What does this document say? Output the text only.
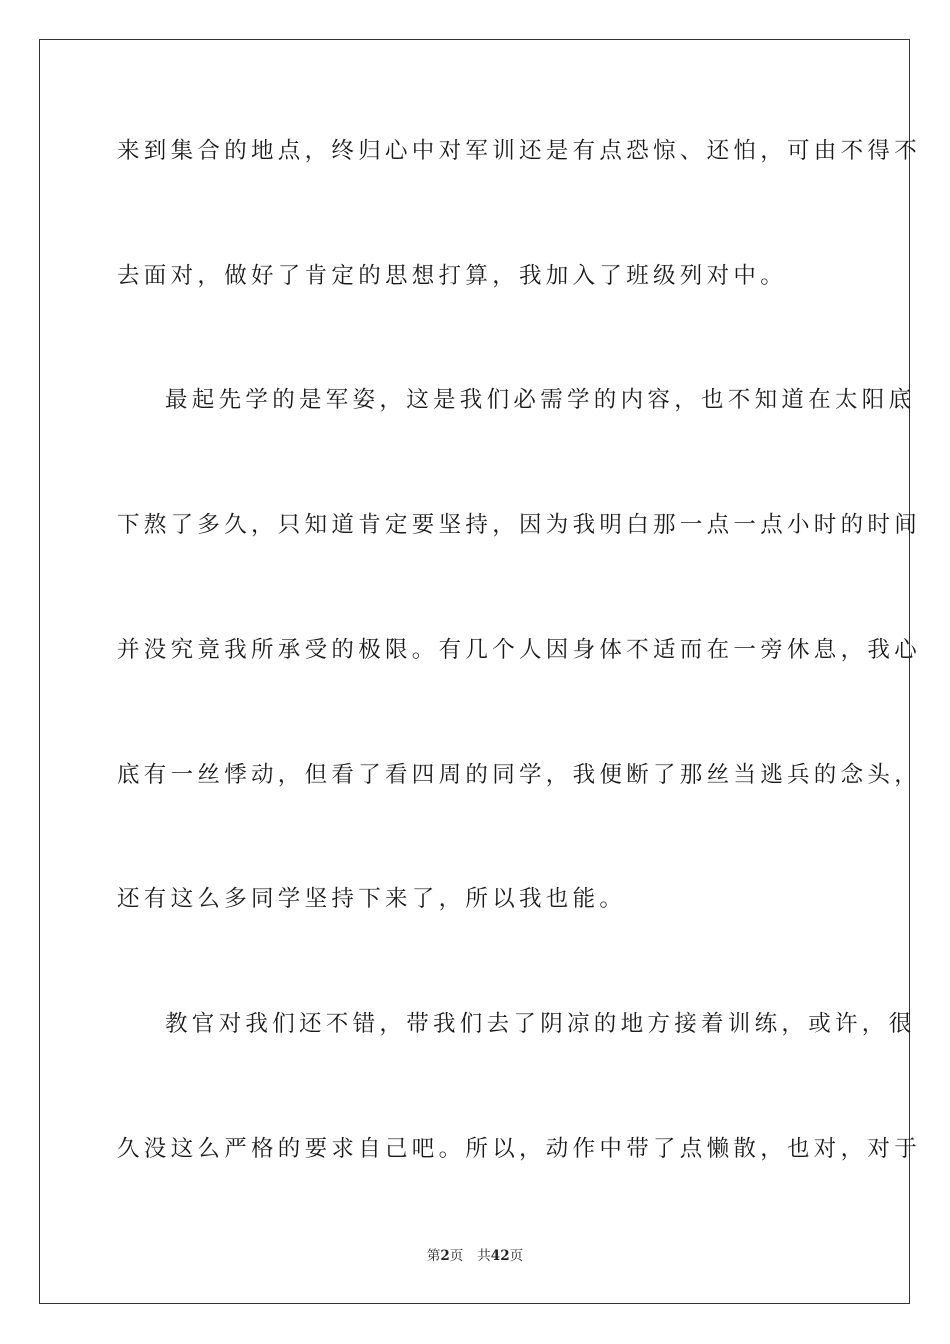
来到集合的地点，终归心中对军训还是有点恐惊、还怕，可由不得不
去面对，做好了肯定的思想打算，我加入了班级列对中。
最起先学的是军姿，这是我们必需学的内容，也不知道在太阳底
下熬了多久，只知道肯定要坚持，因为我明白那一点一点小时的时间
并没究竟我所承受的极限。有几个人因身体不适而在一旁休息，我心
底有一丝悸动，但看了看四周的同学，我便断了那丝当逃兵的念头，
还有这么多同学坚持下来了，所以我也能。
教官对我们还不错，带我们去了阴凉的地方接着训练，或许，很
久没这么严格的要求自己吧。所以，动作中带了点懒散，也对，对于
第2页 共42页
